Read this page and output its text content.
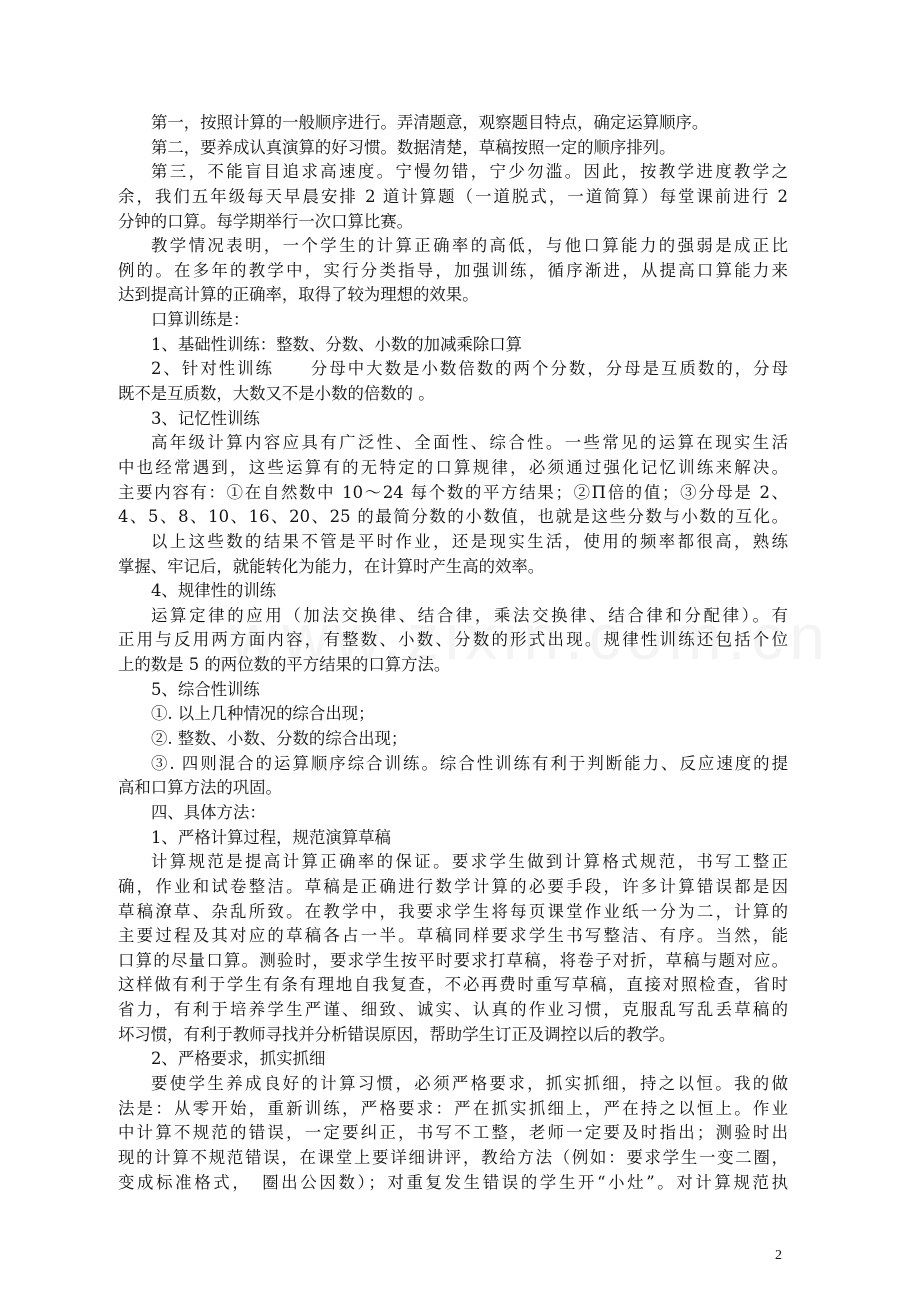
第一，按照计算的一般顺序进行。弄清题意，观察题目特点，确定运算顺序。
第二，要养成认真演算的好习惯。数据清楚，草稿按照一定的顺序排列。
第三，不能盲目追求高速度。宁慢勿错，宁少勿滥。因此，按教学进度教学之
余，我们五年级每天早晨安排 2 道计算题（一道脱式，一道简算）每堂课前进行 2
分钟的口算。每学期举行一次口算比赛。
教学情况表明，一个学生的计算正确率的高低，与他口算能力的强弱是成正比
例的。在多年的教学中，实行分类指导，加强训练，循序渐进，从提高口算能力来
达到提高计算的正确率，取得了较为理想的效果。
口算训练是：
1、基础性训练：整数、分数、小数的加减乘除口算
2、针对性训练　　分母中大数是小数倍数的两个分数，分母是互质数的，分母
既不是互质数，大数又不是小数的倍数的 。
3、记忆性训练
高年级计算内容应具有广泛性、全面性、综合性。一些常见的运算在现实生活
中也经常遇到，这些运算有的无特定的口算规律，必须通过强化记忆训练来解决。
主要内容有：①在自然数中 10～24 每个数的平方结果；②Π倍的值；③分母是 2、
4、5、8、10、16、20、25 的最简分数的小数值，也就是这些分数与小数的互化。
以上这些数的结果不管是平时作业，还是现实生活，使用的频率都很高，熟练
掌握、牢记后，就能转化为能力，在计算时产生高的效率。
4、规律性的训练
运算定律的应用（加法交换律、结合律，乘法交换律、结合律和分配律）。有
正用与反用两方面内容，有整数、小数、分数的形式出现。规律性训练还包括个位
上的数是 5 的两位数的平方结果的口算方法。
5、综合性训练
①. 以上几种情况的综合出现；
②. 整数、小数、分数的综合出现；
③. 四则混合的运算顺序综合训练。综合性训练有利于判断能力、反应速度的提
高和口算方法的巩固。
四、具体方法：
1、严格计算过程，规范演算草稿
计算规范是提高计算正确率的保证。要求学生做到计算格式规范，书写工整正
确，作业和试卷整洁。草稿是正确进行数学计算的必要手段，许多计算错误都是因
草稿潦草、杂乱所致。在教学中，我要求学生将每页课堂作业纸一分为二，计算的
主要过程及其对应的草稿各占一半。草稿同样要求学生书写整洁、有序。当然，能
口算的尽量口算。测验时，要求学生按平时要求打草稿，将卷子对折，草稿与题对应。
这样做有利于学生有条有理地自我复查，不必再费时重写草稿，直接对照检查，省时
省力，有利于培养学生严谨、细致、诚实、认真的作业习惯，克服乱写乱丢草稿的
坏习惯，有利于教师寻找并分析错误原因，帮助学生订正及调控以后的教学。
2、严格要求，抓实抓细
要使学生养成良好的计算习惯，必须严格要求，抓实抓细，持之以恒。我的做
法是：从零开始，重新训练，严格要求：严在抓实抓细上，严在持之以恒上。作业
中计算不规范的错误，一定要纠正，书写不工整，老师一定要及时指出；测验时出
现的计算不规范错误，在课堂上要详细讲评，教给方法（例如：要求学生一变二圈，
变成标准格式，　圈出公因数）；对重复发生错误的学生开“小灶”。对计算规范执
2
